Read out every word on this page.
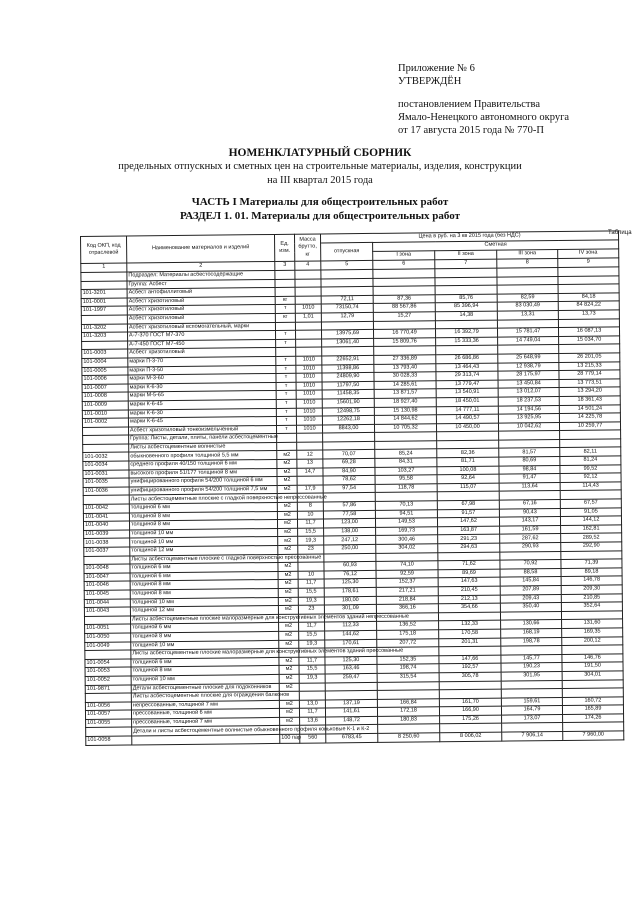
Приложение № 6
УТВЕРЖДЁН
постановлением Правительства
Ямало-Ненецкого автономного округа
от 17 августа 2015 года № 770-П
НОМЕНКЛАТУРНЫЙ СБОРНИК
предельных отпускных и сметных цен на строительные материалы, изделия, конструкции
на III квартал 2015 года
ЧАСТЬ I Материалы для общестроительных работ
РАЗДЕЛ 1. 01. Материалы для общестроительных работ
Таблица
Код ОКП, код отраслевой	Наименование материалов и изделий	Ед. изм.	Масса брутто, кг	Цена в руб. на 3 кв 2015 года (без НДС)				
				отпускная	Сметная			
					I зона	II зона	III зона	IV зона
1	2	3	4	5	6	7	8	9
	Подраздел: Материалы асбестосодержащие							
	Группа: Асбест							
101-3201	Асбест антофиллитовый							
101-0001	Асбест хризотиловый	кг		72,11	87,36	85,76	82,59	84,18
101-1997	Асбест хризотиловый	т	1010	73150,74	88 567,86	85 396,94	83 030,49	84 824,22
	Асбест хризотиловый	кг	1,01	12,79	15,27	14,38	13,31	13,73
101-3202	Асбест хризотиловый вспомогательный, марки							
101-3203	А-7-370 ГОСТ М7-370	т		13975,69	16 770,49	16 392,79	15 781,47	16 087,13
	А-7-450 ГОСТ М7-450	т		13061,40	15 809,76	15 333,36	14 749,04	15 034,70
101-0003	Асбест хризотиловый							
101-0004	марки П-3-70	т	1010	22652,91	27 336,89	26 686,86	25 648,99	26 201,05
101-0005	марки П-3-50	т	1010	11398,86	13 793,40	13 464,43	12 938,79	13 215,33
101-0006	марки М-3-60	т	1010	24809,90	30 028,33	29 313,74	28 175,97	28 779,14
101-0007	марки К-6-30	т	1010	11797,50	14 285,61	13 779,47	13 450,84	13 773,51
101-0008	марки М-5-65	т	1010	11458,35	13 871,57	13 540,91	13 012,07	13 294,20
101-0009	марки К-6-45	т	1010	15601,90	18 927,40	18 450,01	18 237,53	18 361,43
101-0010	марки К-6-30	т	1010	12498,75	15 130,98	14 777,11	14 194,56	14 501,24
101-0002	марки К-6-45	т	1010	12262,18	14 844,62	14 490,57	13 925,95	14 225,78
	Асбест хризотиловый тонкоизмельченный	т	1010	8843,00	10 705,32	10 450,00	10 042,62	10 259,77
	Группа: Листы, детали, плиты, панели асбестоцементные							
	Листы асбестоцементные волнистые							
101-0032	обыкновенного профиля толщиной 5,5 мм	м2	12	70,07	85,24	82,36	81,57	82,11
101-0034	среднего профиля 40/150 толщиной 6 мм	м2	13	69,28	84,31	81,71	80,69	81,24
101-0031	высокого профиля 51/177 толщиной 8 мм	м2	14,7	84,90	103,27	100,08	98,84	99,52
101-0035	унифицированного профиля 54/200 толщиной 6 мм	м2		78,62	95,58	92,64	91,47	92,12
101-0036	унифицированного профиля 54/200 толщиной 7,5 мм	м2	17,9	97,54	118,78	115,07	113,64	114,43
	Листы асбестоцементные плоские с гладкой поверхностью непрессованные							
101-0042	толщиной 6 мм	м2	8	57,86	70,13	67,98	67,16	67,57
101-0041	толщиной 8 мм	м2	10	77,58	94,51	91,57	90,43	91,05
101-0040	толщиной 8 мм	м2	11,7	123,00	149,53	147,62	143,17	144,12
101-0039	толщиной 10 мм	м2	15,5	138,00	169,73	163,87	161,59	162,81
101-0038	толщиной 10 мм	м2	19,3	247,12	300,46	291,23	287,62	289,52
101-0037	толщиной 12 мм	м2	23	250,00	304,02	294,63	290,93	292,90
	Листы асбестоцементные плоские с гладкой поверхностью прессованные							
101-0048	толщиной 6 мм	м2		60,93	74,10	71,62	70,92	71,39
101-0047	толщиной 6 мм	м2	10	76,12	92,59	89,69	88,58	89,18
101-0046	толщиной 8 мм	м2	11,7	125,30	152,37	147,63	145,84	146,78
101-0045	толщиной 8 мм	м2	15,5	178,61	217,21	210,45	207,89	209,30
101-0044	толщиной 10 мм	м2	19,3	180,00	218,84	212,13	209,43	210,85
101-0043	толщиной 12 мм	м2	23	301,09	366,16	354,66	350,40	352,64
	Листы асбестоцементные плоские малоразмерные для конструктивных элементов зданий непрессованные							
101-0051	толщиной 6 мм	м2	11,7	112,33	136,52	132,33	130,66	131,60
101-0050	толщиной 8 мм	м2	15,5	144,62	175,18	170,58	168,19	169,35
101-0049	толщиной 10 мм	м2	19,3	170,61	207,72	201,31	198,78	200,12
	Листы асбестоцементные плоские малоразмерные для конструктивных элементов зданий прессованные							
101-0054	толщиной 6 мм	м2	11,7	125,30	152,35	147,66	145,77	146,76
101-0053	толщиной 8 мм	м2	15,5	163,46	198,74	192,57	190,23	191,50
101-0052	толщиной 10 мм	м2	19,3	259,47	315,54	305,78	301,95	304,01
101-9871	Детали асбестоцементные плоские для подоконников	м2						
	Листы асбестоцементные плоские для ограждения балконов							
101-0056	непрессованные, толщиной 7 мм	м2	13,0	137,19	166,84	161,70	159,61	160,72
101-0057	прессованные, толщиной 6 мм	м2	11,7	141,61	172,18	166,90	164,79	165,89
101-0055	прессованные, толщиной 7 мм	м2	13,6	148,72	180,83	175,26	173,07	174,26
	Детали и листы асбестоцементные волнистые обыкновенного профиля коньковые К-1 и К-2							
101-0058		100 пар	560	6783,45	8 250,60	8 006,02	7 906,14	7 960,00
